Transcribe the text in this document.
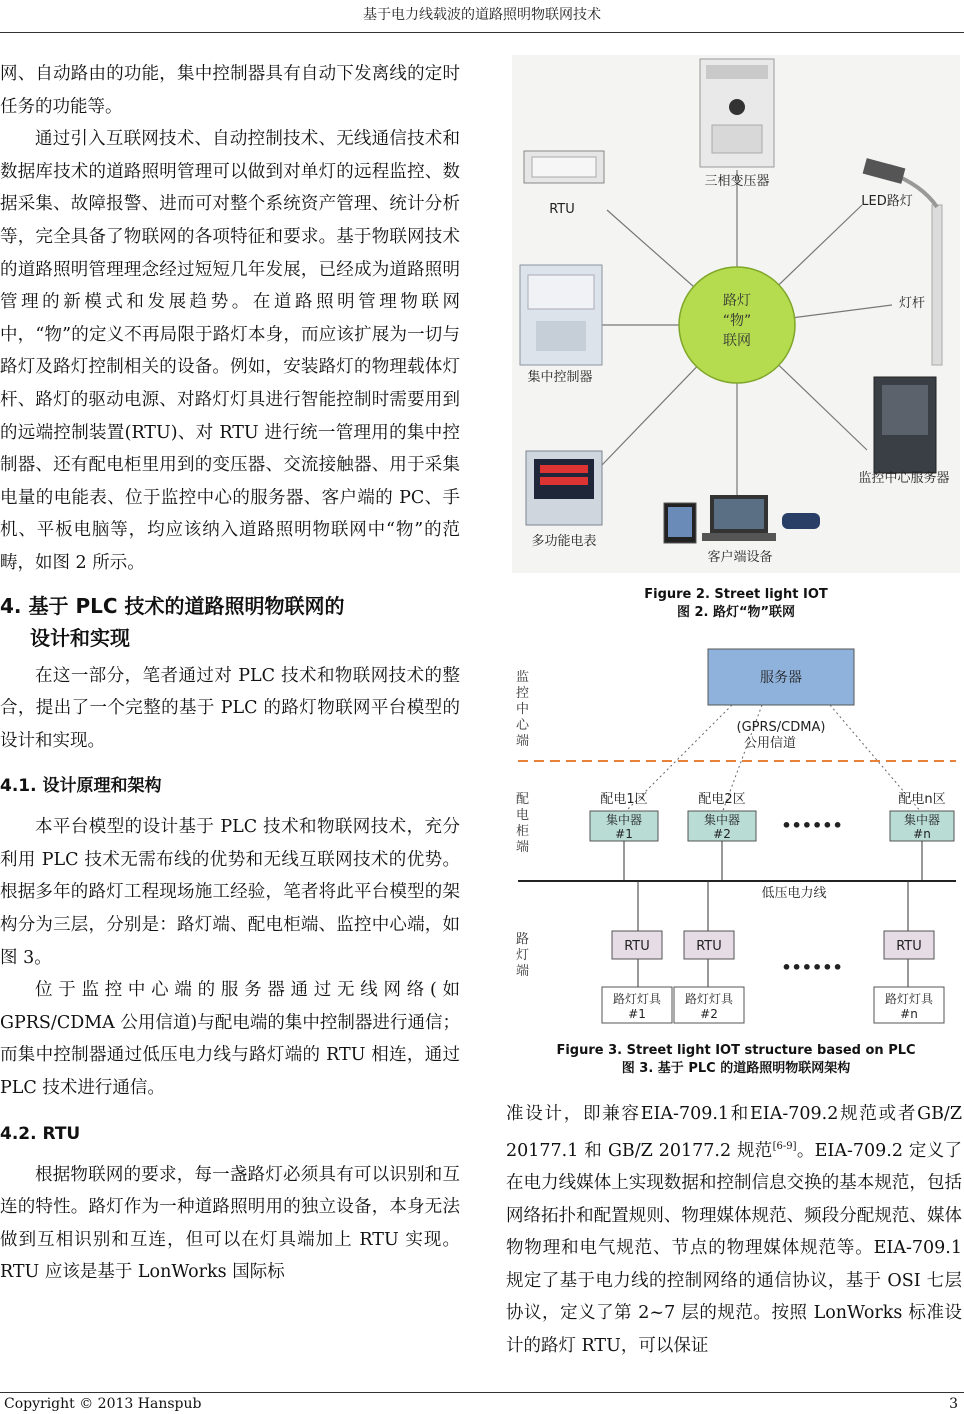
基于电力线载波的道路照明物联网技术

网、自动路由的功能，集中控制器具有自动下发离线的定时任务的功能等。

通过引入互联网技术、自动控制技术、无线通信技术和数据库技术的道路照明管理可以做到对单灯的远程监控、数据采集、故障报警、进而可对整个系统资产管理、统计分析等，完全具备了物联网的各项特征和要求。基于物联网技术的道路照明管理理念经过短短几年发展，已经成为道路照明管理的新模式和发展趋势。在道路照明管理物联网中，“物”的定义不再局限于路灯本身，而应该扩展为一切与路灯及路灯控制相关的设备。例如，安装路灯的物理载体灯杆、路灯的驱动电源、对路灯灯具进行智能控制时需要用到的远端控制装置(RTU)、对 RTU 进行统一管理用的集中控制器、还有配电柜里用到的变压器、交流接触器、用于采集电量的电能表、位于监控中心的服务器、客户端的 PC、手机、平板电脑等，均应该纳入道路照明物联网中“物”的范畴，如图 2 所示。

4. 基于 PLC 技术的道路照明物联网的
设计和实现

在这一部分，笔者通过对 PLC 技术和物联网技术的整合，提出了一个完整的基于 PLC 的路灯物联网平台模型的设计和实现。

4.1. 设计原理和架构

本平台模型的设计基于 PLC 技术和物联网技术，充分利用 PLC 技术无需布线的优势和无线互联网技术的优势。根据多年的路灯工程现场施工经验，笔者将此平台模型的架构分为三层，分别是：路灯端、配电柜端、监控中心端，如图 3。

位于监控中心端的服务器通过无线网络(如 GPRS/CDMA 公用信道)与配电端的集中控制器进行通信；而集中控制器通过低压电力线与路灯端的 RTU 相连，通过 PLC 技术进行通信。

4.2. RTU

根据物联网的要求，每一盏路灯必须具有可以识别和互连的特性。路灯作为一种道路照明用的独立设备，本身无法做到互相识别和互连，但可以在灯具端加上 RTU 实现。RTU 应该是基于 LonWorks 国际标

三相变压器
RTU
LED路灯
灯杆
集中控制器
监控中心服务器
多功能电表
客户端设备
路灯
“物”
联网
Figure 2. Street light IOT
图 2. 路灯“物”联网
监控中心端
配电柜端
路灯端
服务器
(GPRS/CDMA)
公用信道
配电1区	配电2区	配电n区
集中器
#1
集中器
#2	••••••	集中器
#n
低压电力线
RTU	RTU
••••••
RTU
路灯灯具
#1
路灯灯具
#2
路灯灯具
#n
Figure 3. Street light IOT structure based on PLC
图 3. 基于 PLC 的道路照明物联网架构

准设计，即兼容EIA-709.1和EIA-709.2规范或者GB/Z 20177.1 和 GB/Z 20177.2 规范[6-9]。EIA-709.2 定义了在电力线媒体上实现数据和控制信息交换的基本规范，包括网络拓扑和配置规则、物理媒体规范、频段分配规范、媒体物物理和电气规范、节点的物理媒体规范等。EIA-709.1 规定了基于电力线的控制网络的通信协议，基于 OSI 七层协议，定义了第 2~7 层的规范。按照 LonWorks 标准设计的路灯 RTU，可以保证

Copyright © 2013 Hanspub	3
